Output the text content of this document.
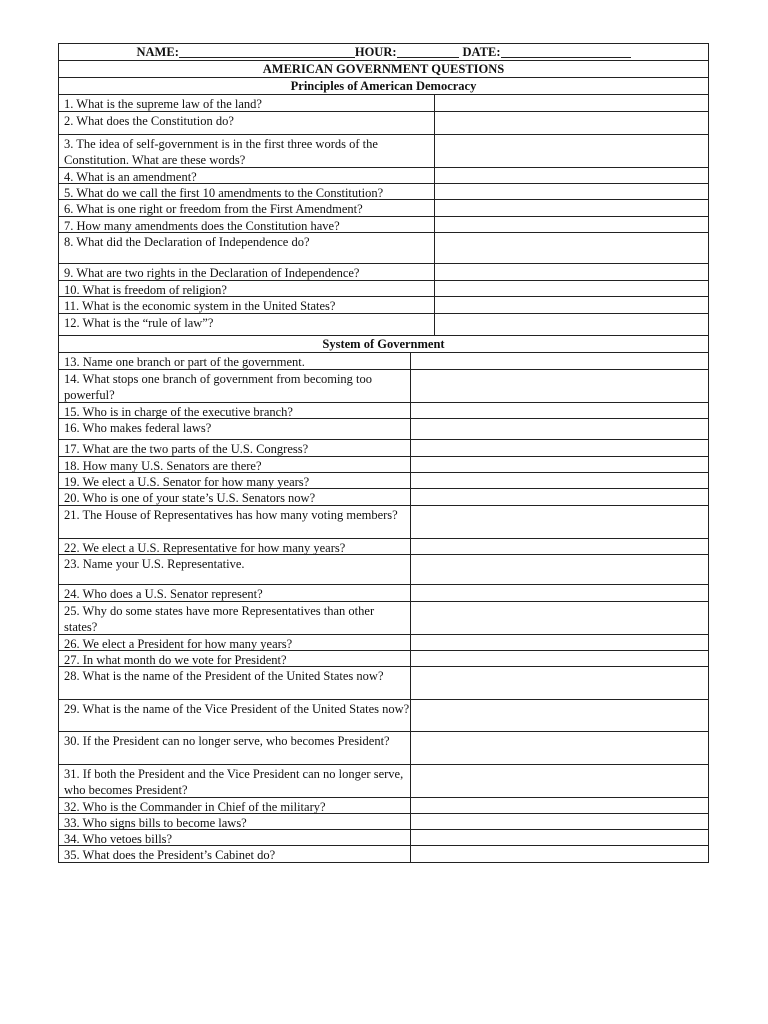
NAME:	HOUR:	DATE:
AMERICAN GOVERNMENT QUESTIONS
Principles of American Democracy
1. What is the supreme law of the land?
2. What does the Constitution do?
3. The idea of self-government is in the first three words of the Constitution. What are these words?
4. What is an amendment?
5. What do we call the first 10 amendments to the Constitution?
6. What is one right or freedom from the First Amendment?
7. How many amendments does the Constitution have?
8. What did the Declaration of Independence do?
9. What are two rights in the Declaration of Independence?
10. What is freedom of religion?
11. What is the economic system in the United States?
12. What is the “rule of law”?
System of Government
13. Name one branch or part of the government.
14. What stops one branch of government from becoming too powerful?
15. Who is in charge of the executive branch?
16. Who makes federal laws?
17. What are the two parts of the U.S. Congress?
18. How many U.S. Senators are there?
19. We elect a U.S. Senator for how many years?
20. Who is one of your state’s U.S. Senators now?
21. The House of Representatives has how many voting members?
22. We elect a U.S. Representative for how many years?
23. Name your U.S. Representative.
24. Who does a U.S. Senator represent?
25. Why do some states have more Representatives than other states?
26. We elect a President for how many years?
27. In what month do we vote for President?
28. What is the name of the President of the United States now?
29. What is the name of the Vice President of the United States now?
30. If the President can no longer serve, who becomes President?
31. If both the President and the Vice President can no longer serve, who becomes President?
32. Who is the Commander in Chief of the military?
33. Who signs bills to become laws?
34. Who vetoes bills?
35. What does the President’s Cabinet do?
